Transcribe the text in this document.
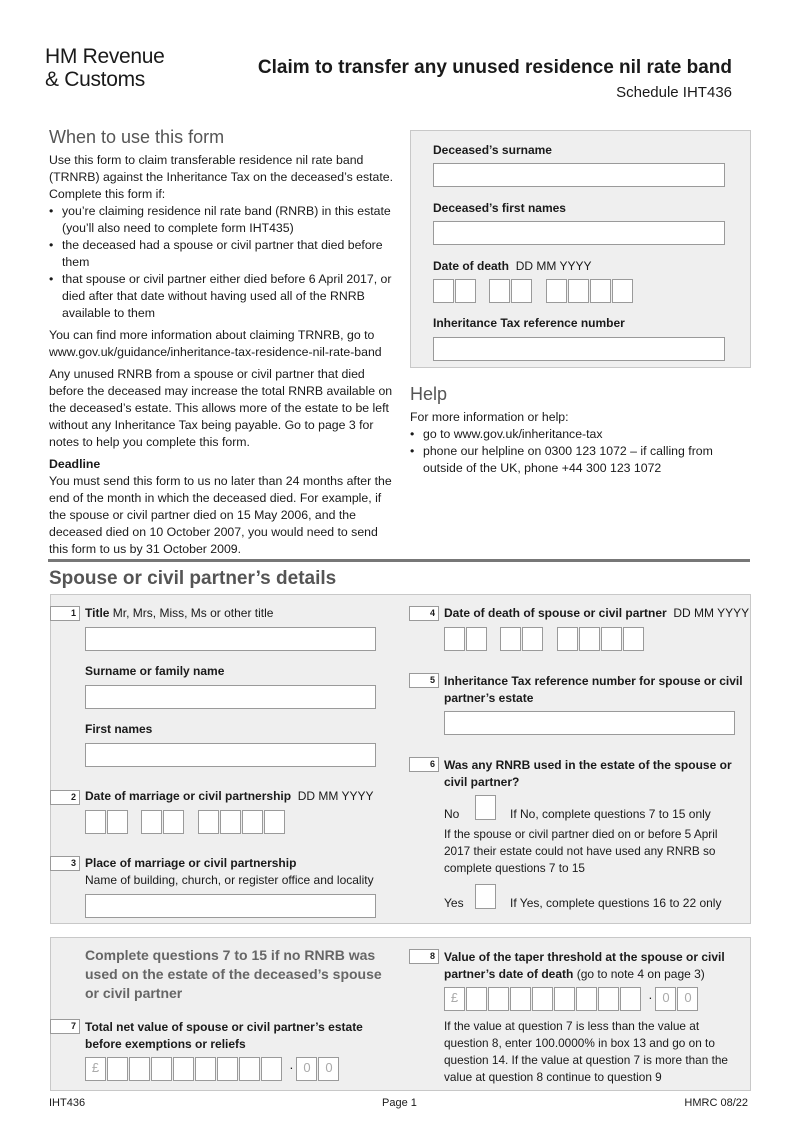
HM Revenue
& Customs
Claim to transfer any unused residence nil rate band
Schedule IHT436
When to use this form
Use this form to claim transferable residence nil rate band (TRNRB) against the Inheritance Tax on the deceased’s estate.
Complete this form if:
• you’re claiming residence nil rate band (RNRB) in this estate (you’ll also need to complete form IHT435)
• the deceased had a spouse or civil partner that died before them
• that spouse or civil partner either died before 6 April 2017, or died after that date without having used all of the RNRB available to them
You can find more information about claiming TRNRB, go to www.gov.uk/guidance/inheritance-tax-residence-nil-rate-band
Any unused RNRB from a spouse or civil partner that died before the deceased may increase the total RNRB available on the deceased’s estate. This allows more of the estate to be left without any Inheritance Tax being payable. Go to page 3 for notes to help you complete this form.
Deadline
You must send this form to us no later than 24 months after the end of the month in which the deceased died. For example, if the spouse or civil partner died on 15 May 2006, and the deceased died on 10 October 2007, you would need to send this form to us by 31 October 2009.
Deceased’s surname
Deceased’s first names
Date of death DD MM YYYY

Inheritance Tax reference number
Help
For more information or help:
• go to www.gov.uk/inheritance-tax
• phone our helpline on 0300 123 1072 – if calling from outside of the UK, phone +44 300 123 1072
Spouse or civil partner’s details
1 Title Mr, Mrs, Miss, Ms or other title
Surname or family name
First names
2 Date of marriage or civil partnership DD MM YYYY

3 Place of marriage or civil partnership
Name of building, church, or register office and locality
4 Date of death of spouse or civil partner DD MM YYYY

5 Inheritance Tax reference number for spouse or civil partner’s estate
6 Was any RNRB used in the estate of the spouse or civil partner?
No	If No, complete questions 7 to 15 only
If the spouse or civil partner died on or before 5 April 2017 their estate could not have used any RNRB so complete questions 7 to 15
Yes	If Yes, complete questions 16 to 22 only
Complete questions 7 to 15 if no RNRB was used on the estate of the deceased’s spouse or civil partner
7 Total net value of spouse or civil partner’s estate before exemptions or reliefs
£	· 0 0
8 Value of the taper threshold at the spouse or civil partner’s date of death (go to note 4 on page 3)
£	· 0 0
If the value at question 7 is less than the value at question 8, enter 100.0000% in box 13 and go on to question 14. If the value at question 7 is more than the value at question 8 continue to question 9
IHT436	Page 1	HMRC 08/22
